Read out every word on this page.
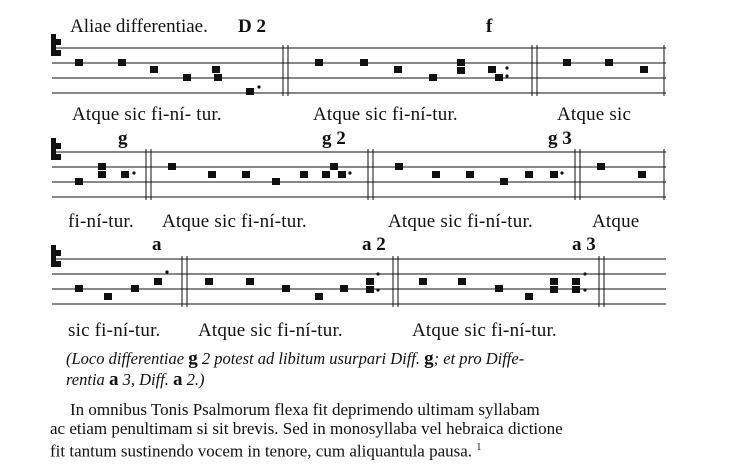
Aliae differentiae. D 2	f
Atque sic fi-ní- tur.	Atque sic fi-ní-tur.	Atque sic
g	g 2	g 3
fi-ní-tur. Atque sic fi-ní-tur.	Atque sic fi-ní-tur.	Atque
a	a 2	a 3
sic fi-ní-tur. Atque sic fi-ní-tur.	Atque sic fi-ní-tur.
(Loco differentiae g 2 potest ad libitum usurpari Diff. g; et pro Diffe-
rentia a 3, Diff. a 2.)
In omnibus Tonis Psalmorum flexa fit deprimendo ultimam syllabam
ac etiam penultimam si sit brevis. Sed in monosyllaba vel hebraica dictione
fit tantum sustinendo vocem in tenore, cum aliquantula pausa. $^1$
